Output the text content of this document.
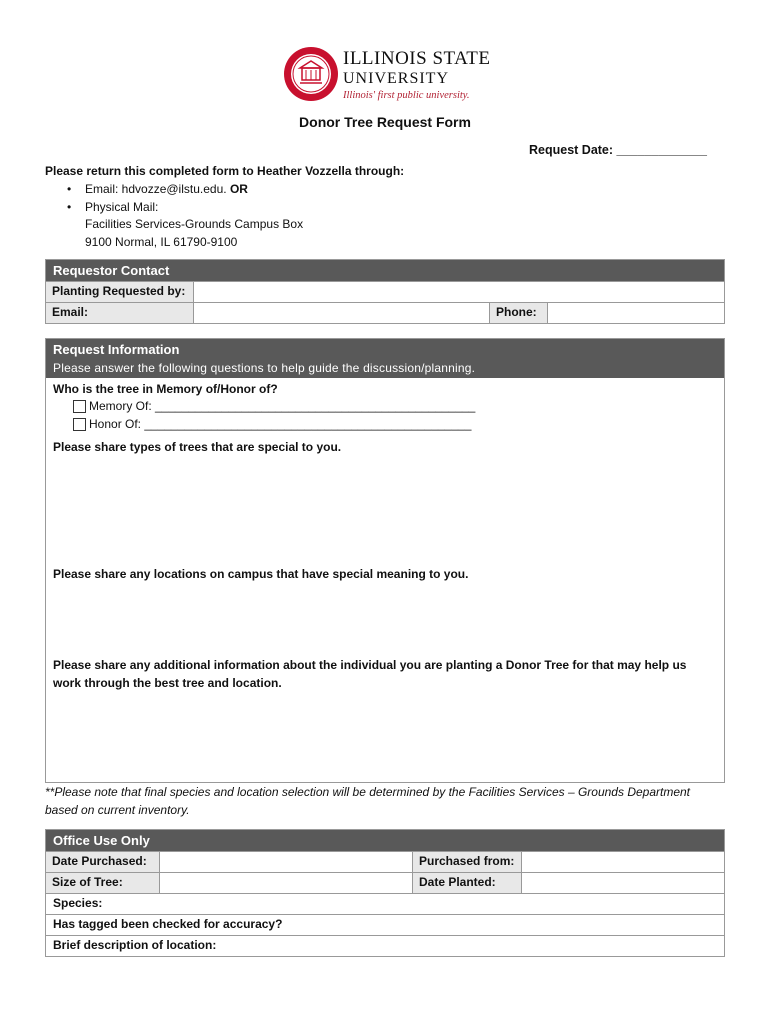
ILLINOIS STATE
UNIVERSITY
Illinois' first public university.
Donor Tree Request Form
Request Date: _____________
Please return this completed form to Heather Vozzella through:
• Email: hdvozze@ilstu.edu. OR
• Physical Mail:
Facilities Services-Grounds Campus Box
9100 Normal, IL 61790-9100
Requestor Contact
Planting Requested by:
Email:	Phone:
Request Information
Please answer the following questions to help guide the discussion/planning.
Who is the tree in Memory of/Honor of?
Memory Of: ________________________________________________
Honor Of: _________________________________________________
Please share types of trees that are special to you.
Please share any locations on campus that have special meaning to you.
Please share any additional information about the individual you are planting a Donor Tree for that may help us
work through the best tree and location.
**Please note that final species and location selection will be determined by the Facilities Services – Grounds Department
based on current inventory.
Office Use Only
Date Purchased:	Purchased from:
Size of Tree:	Date Planted:
Species:
Has tagged been checked for accuracy?
Brief description of location:
